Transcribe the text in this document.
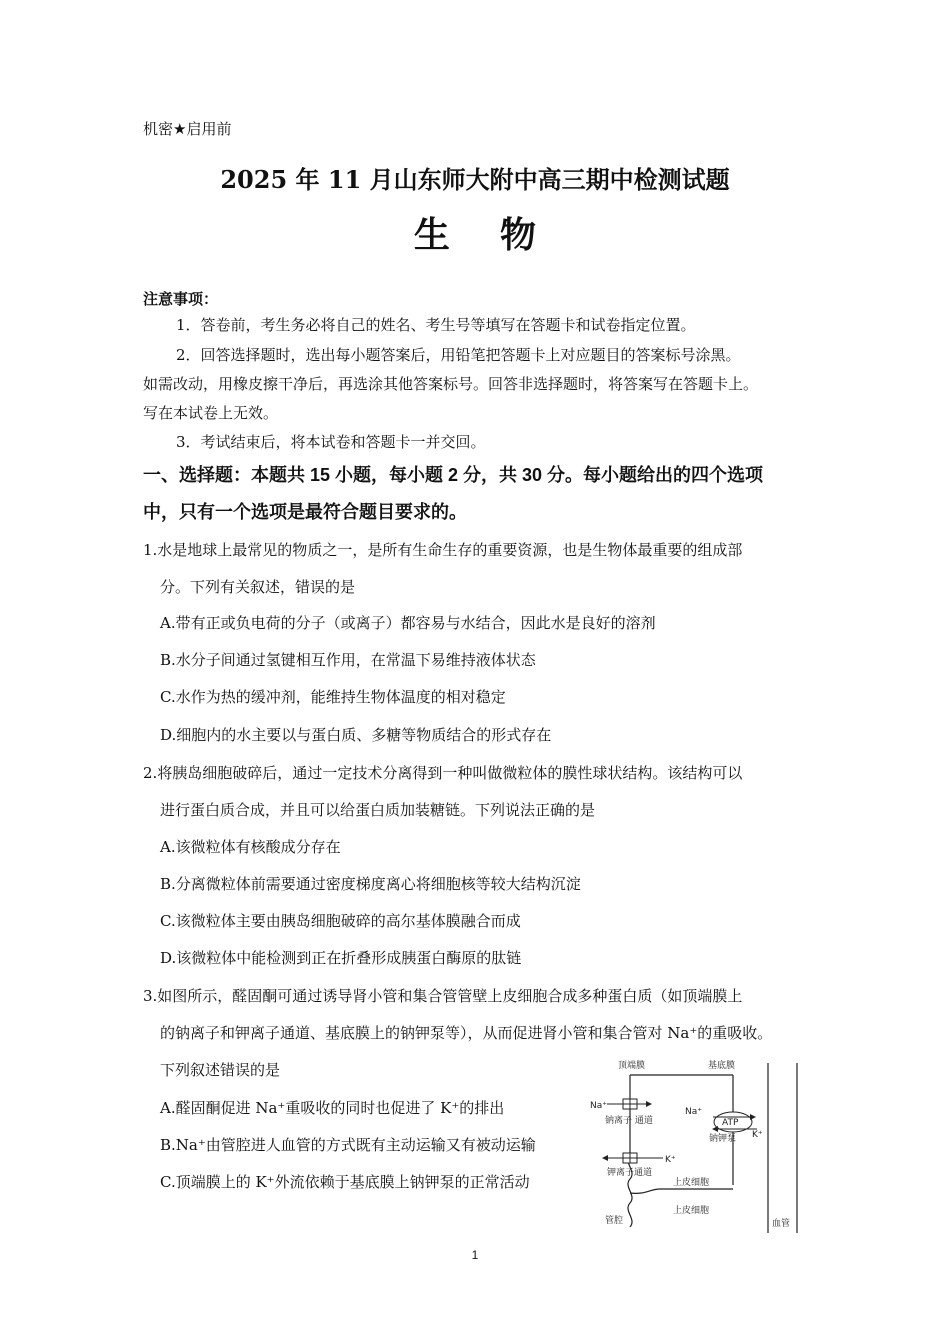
机密★启用前
2025 年 11 月山东师大附中高三期中检测试题
生    物
注意事项：
1．答卷前，考生务必将自己的姓名、考生号等填写在答题卡和试卷指定位置。
2．回答选择题时，选出每小题答案后，用铅笔把答题卡上对应题目的答案标号涂黑。
如需改动，用橡皮擦干净后，再选涂其他答案标号。回答非选择题时，将答案写在答题卡上。
写在本试卷上无效。
3．考试结束后，将本试卷和答题卡一并交回。
一、选择题：本题共 15 小题，每小题 2 分，共 30 分。每小题给出的四个选项
中，只有一个选项是最符合题目要求的。
1.水是地球上最常见的物质之一，是所有生命生存的重要资源，也是生物体最重要的组成部
分。下列有关叙述，错误的是
A.带有正或负电荷的分子（或离子）都容易与水结合，因此水是良好的溶剂
B.水分子间通过氢键相互作用，在常温下易维持液体状态
C.水作为热的缓冲剂，能维持生物体温度的相对稳定
D.细胞内的水主要以与蛋白质、多糖等物质结合的形式存在
2.将胰岛细胞破碎后，通过一定技术分离得到一种叫做微粒体的膜性球状结构。该结构可以
进行蛋白质合成，并且可以给蛋白质加装糖链。下列说法正确的是
A.该微粒体有核酸成分存在
B.分离微粒体前需要通过密度梯度离心将细胞核等较大结构沉淀
C.该微粒体主要由胰岛细胞破碎的高尔基体膜融合而成
D.该微粒体中能检测到正在折叠形成胰蛋白酶原的肽链
3.如图所示，醛固酮可通过诱导肾小管和集合管管壁上皮细胞合成多种蛋白质（如顶端膜上
的钠离子和钾离子通道、基底膜上的钠钾泵等），从而促进肾小管和集合管对 Na⁺的重吸收。
下列叙述错误的是
A.醛固酮促进 Na⁺重吸收的同时也促进了 K⁺的排出
B.Na⁺由管腔进人血管的方式既有主动运输又有被动运输
C.顶端膜上的 K⁺外流依赖于基底膜上钠钾泵的正常活动
顶端膜	基底膜
Na⁺
钠离子 通道
Na⁺
ATP
K⁺
钠钾泵
K⁺
钾离子通道
上皮细胞
上皮细胞
管腔	血管
1
